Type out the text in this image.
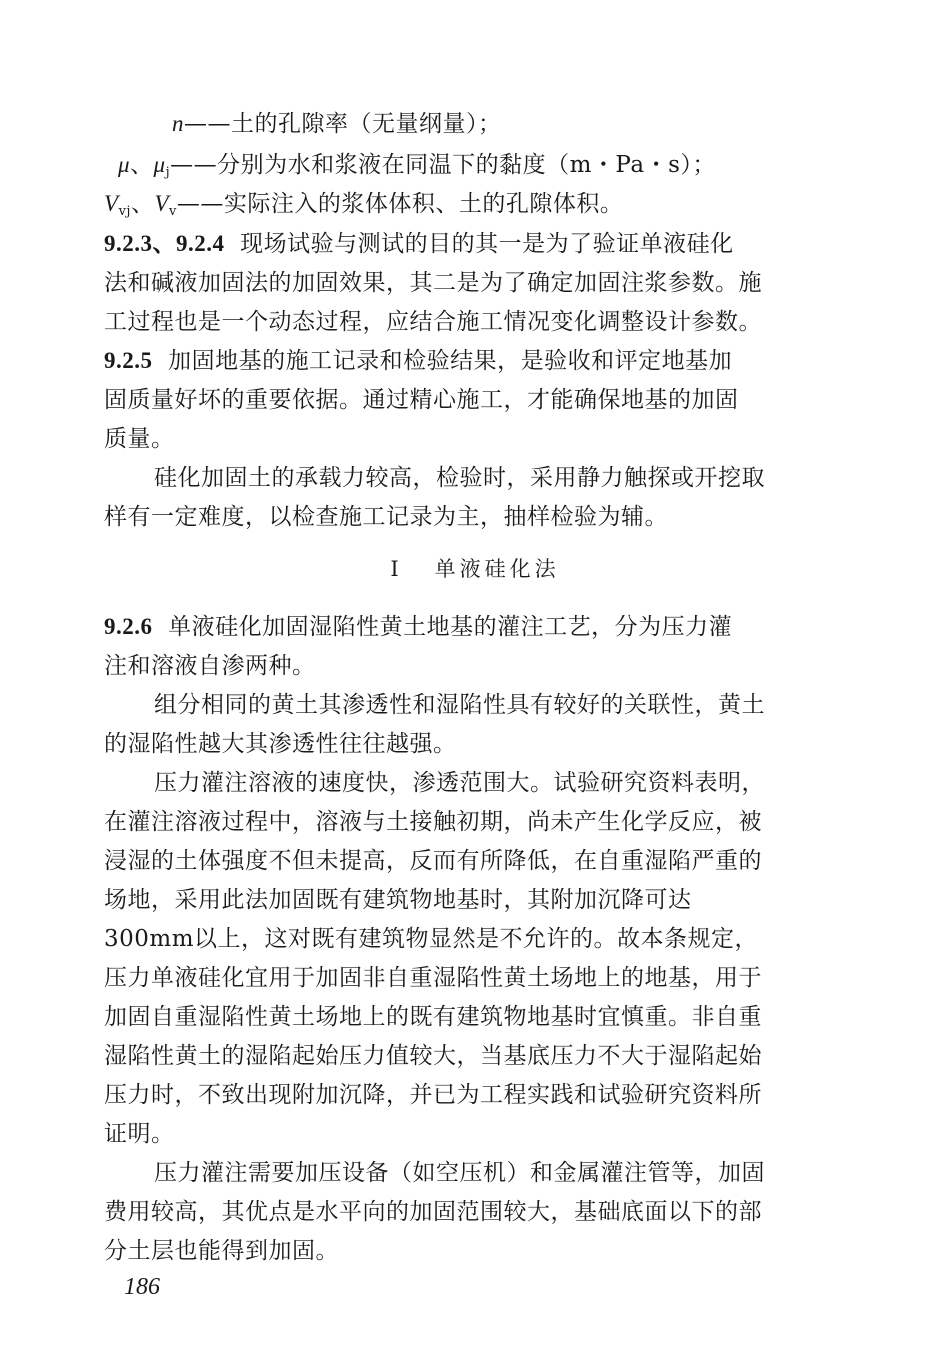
n——土的孔隙率（无量纲量）；
μ、$\mu_j——$分别为水和浆液在同温下的黏度（m・Pa・s）；
$V_{vj}$、$V_v——$实际注入的浆体体积、土的孔隙体积。
9.2.3、9.2.4 现场试验与测试的目的其一是为了验证单液硅化
法和碱液加固法的加固效果，其二是为了确定加固注浆参数。施
工过程也是一个动态过程，应结合施工情况变化调整设计参数。
9.2.5 加固地基的施工记录和检验结果，是验收和评定地基加
固质量好坏的重要依据。通过精心施工，才能确保地基的加固
质量。
硅化加固土的承载力较高，检验时，采用静力触探或开挖取
样有一定难度，以检查施工记录为主，抽样检验为辅。
Ⅰ 单液硅化法
9.2.6 单液硅化加固湿陷性黄土地基的灌注工艺，分为压力灌
注和溶液自渗两种。
组分相同的黄土其渗透性和湿陷性具有较好的关联性，黄土
的湿陷性越大其渗透性往往越强。
压力灌注溶液的速度快，渗透范围大。试验研究资料表明，
在灌注溶液过程中，溶液与土接触初期，尚未产生化学反应，被
浸湿的土体强度不但未提高，反而有所降低，在自重湿陷严重的
场地，采用此法加固既有建筑物地基时，其附加沉降可达
300mm以上，这对既有建筑物显然是不允许的。故本条规定，
压力单液硅化宜用于加固非自重湿陷性黄土场地上的地基，用于
加固自重湿陷性黄土场地上的既有建筑物地基时宜慎重。非自重
湿陷性黄土的湿陷起始压力值较大，当基底压力不大于湿陷起始
压力时，不致出现附加沉降，并已为工程实践和试验研究资料所
证明。
压力灌注需要加压设备（如空压机）和金属灌注管等，加固
费用较高，其优点是水平向的加固范围较大，基础底面以下的部
分土层也能得到加固。
186
